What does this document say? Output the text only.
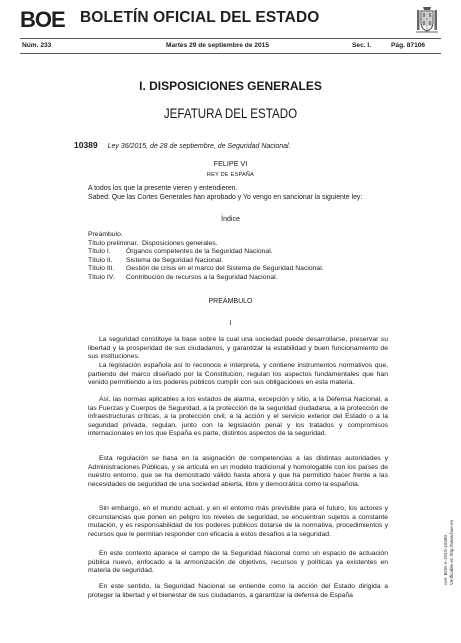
BOE BOLETÍN OFICIAL DEL ESTADO
Núm. 233	Martes 29 de septiembre de 2015	Sec. I.	Pág. 87106
I. DISPOSICIONES GENERALES
JEFATURA DEL ESTADO
10389 Ley 36/2015, de 28 de septiembre, de Seguridad Nacional.
FELIPE VI
REY DE ESPAÑA
A todos los que la presente vieren y entendieren.
Sabed: Que las Cortes Generales han aprobado y Yo vengo en sancionar la siguiente ley:
Índice
Preámbulo.
Título preliminar. Disposiciones generales.
Título I. Órganos competentes de la Seguridad Nacional.
Título II. Sistema de Seguridad Nacional.
Título III. Gestión de crisis en el marco del Sistema de Seguridad Nacional.
Título IV. Contribución de recursos a la Seguridad Nacional.
PREÁMBULO
I
La seguridad constituye la base sobre la cual una sociedad puede desarrollarse, preservar su libertad y la prosperidad de sus ciudadanos, y garantizar la estabilidad y buen funcionamiento de sus instituciones.
La legislación española así lo reconoce e interpreta, y contiene instrumentos normativos que, partiendo del marco diseñado por la Constitución, regulan los aspectos fundamentales que han venido permitiendo a los poderes públicos cumplir con sus obligaciones en esta materia.
Así, las normas aplicables a los estados de alarma, excepción y sitio, a la Defensa Nacional, a las Fuerzas y Cuerpos de Seguridad, a la protección de la seguridad ciudadana, a la protección de infraestructuras críticas, a la protección civil, a la acción y el servicio exterior del Estado o a la seguridad privada, regulan, junto con la legislación penal y los tratados y compromisos internacionales en los que España es parte, distintos aspectos de la seguridad.
Esta regulación se basa en la asignación de competencias a las distintas autoridades y Administraciones Públicas, y se articula en un modelo tradicional y homologable con los países de nuestro entorno, que se ha demostrado válido hasta ahora y que ha permitido hacer frente a las necesidades de seguridad de una sociedad abierta, libre y democrática como la española.
Sin embargo, en el mundo actual, y en el entorno más previsible para el futuro, los actores y circunstancias que ponen en peligro los niveles de seguridad, se encuentran sujetos a constante mutación, y es responsabilidad de los poderes públicos dotarse de la normativa, procedimientos y recursos que le permitan responder con eficacia a estos desafíos a la seguridad.
En este contexto aparece el campo de la Seguridad Nacional como un espacio de actuación pública nuevo, enfocado a la armonización de objetivos, recursos y políticas ya existentes en materia de seguridad.
En este sentido, la Seguridad Nacional se entiende como la acción del Estado dirigida a proteger la libertad y el bienestar de sus ciudadanos, a garantizar la defensa de España
cve: BOE-A-2015-10389 Verificable en http://www.boe.es
